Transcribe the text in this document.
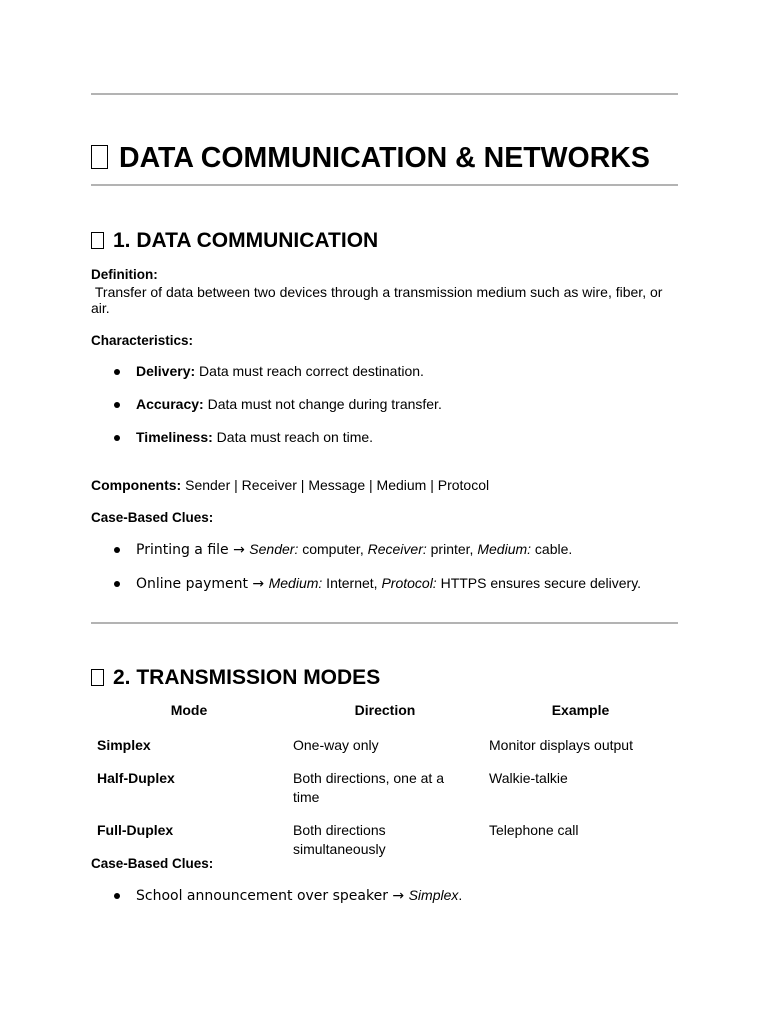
DATA COMMUNICATION & NETWORKS
1. DATA COMMUNICATION
Definition:
Transfer of data between two devices through a transmission medium such as wire, fiber, or air.
Characteristics:
Delivery: Data must reach correct destination.
Accuracy: Data must not change during transfer.
Timeliness: Data must reach on time.
Components: Sender | Receiver | Message | Medium | Protocol
Case-Based Clues:
Printing a file → Sender: computer, Receiver: printer, Medium: cable.
Online payment → Medium: Internet, Protocol: HTTPS ensures secure delivery.
2. TRANSMISSION MODES
Mode	Direction	Example
Simplex	One-way only	Monitor displays output
Half-Duplex	Both directions, one at a time	Walkie-talkie
Full-Duplex	Both directions simultaneously	Telephone call
Case-Based Clues:
School announcement over speaker → Simplex.
